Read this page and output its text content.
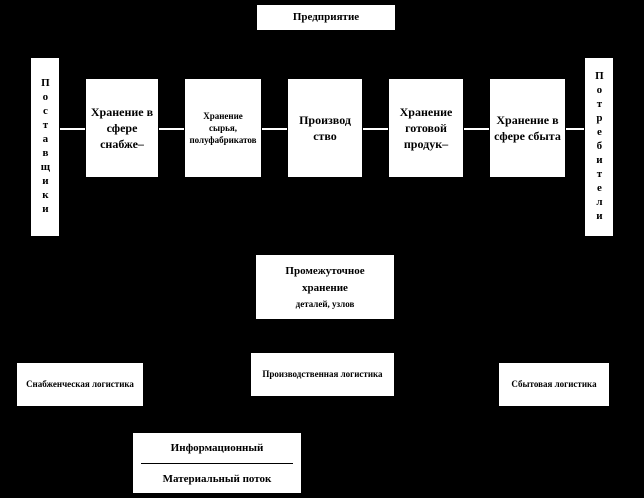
Предприятие
Поставщики	Потребители
Хранение в сфере снабже–
Хранение сырья, полуфабрикатов
Производ ство
Хранение готовой продук–
Хранение в сфере сбыта
Промежуточное
хранение
деталей, узлов
Снабженческая логистика
Производственная логистика
Сбытовая логистика
Информационный
Материальный поток
